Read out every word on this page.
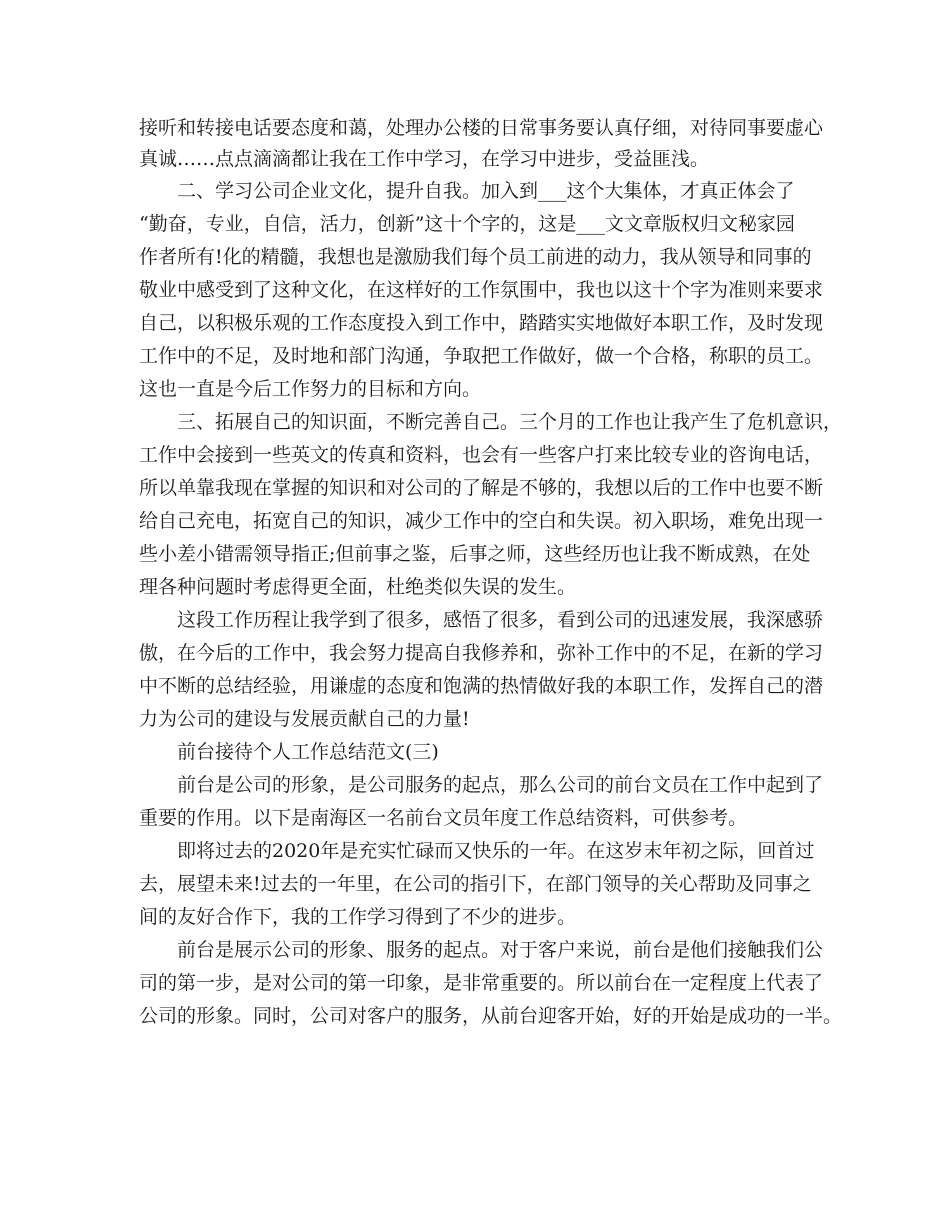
接听和转接电话要态度和蔼，处理办公楼的日常事务要认真仔细，对待同事要虚心
真诚……点点滴滴都让我在工作中学习，在学习中进步，受益匪浅。
二、学习公司企业文化，提升自我。加入到___这个大集体，才真正体会了
“勤奋，专业，自信，活力，创新”这十个字的，这是___文文章版权归文秘家园
作者所有!化的精髓，我想也是激励我们每个员工前进的动力，我从领导和同事的
敬业中感受到了这种文化，在这样好的工作氛围中，我也以这十个字为准则来要求
自己，以积极乐观的工作态度投入到工作中，踏踏实实地做好本职工作，及时发现
工作中的不足，及时地和部门沟通，争取把工作做好，做一个合格，称职的员工。
这也一直是今后工作努力的目标和方向。
三、拓展自己的知识面，不断完善自己。三个月的工作也让我产生了危机意识，
工作中会接到一些英文的传真和资料，也会有一些客户打来比较专业的咨询电话，
所以单靠我现在掌握的知识和对公司的了解是不够的，我想以后的工作中也要不断
给自己充电，拓宽自己的知识，减少工作中的空白和失误。初入职场，难免出现一
些小差小错需领导指正;但前事之鉴，后事之师，这些经历也让我不断成熟，在处
理各种问题时考虑得更全面，杜绝类似失误的发生。
这段工作历程让我学到了很多，感悟了很多，看到公司的迅速发展，我深感骄
傲，在今后的工作中，我会努力提高自我修养和，弥补工作中的不足，在新的学习
中不断的总结经验，用谦虚的态度和饱满的热情做好我的本职工作，发挥自己的潜
力为公司的建设与发展贡献自己的力量!
前台接待个人工作总结范文(三)
前台是公司的形象，是公司服务的起点，那么公司的前台文员在工作中起到了
重要的作用。以下是南海区一名前台文员年度工作总结资料，可供参考。
即将过去的2020年是充实忙碌而又快乐的一年。在这岁末年初之际，回首过
去，展望未来!过去的一年里，在公司的指引下，在部门领导的关心帮助及同事之
间的友好合作下，我的工作学习得到了不少的进步。
前台是展示公司的形象、服务的起点。对于客户来说，前台是他们接触我们公
司的第一步，是对公司的第一印象，是非常重要的。所以前台在一定程度上代表了
公司的形象。同时，公司对客户的服务，从前台迎客开始，好的开始是成功的一半。
